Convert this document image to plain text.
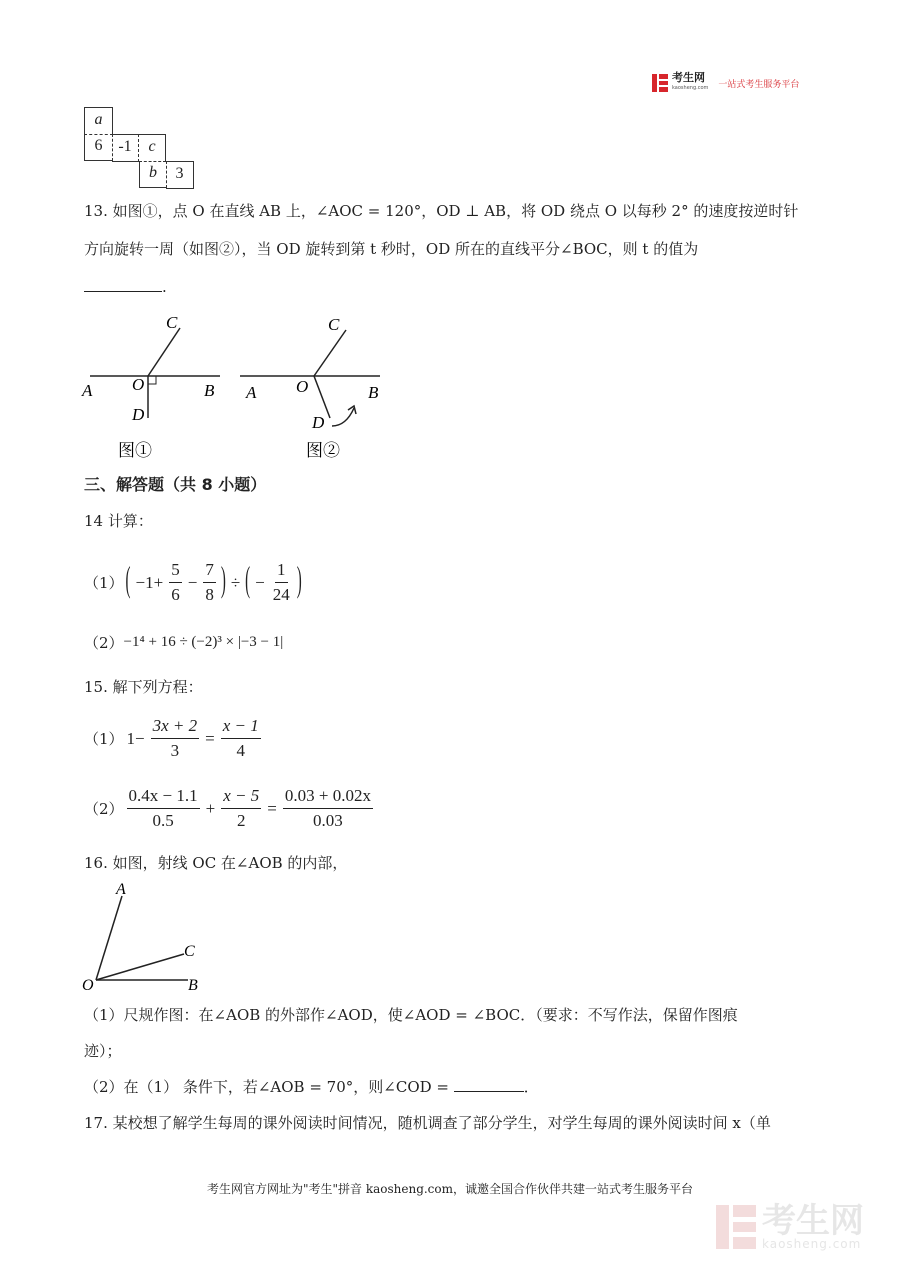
考生网
kaosheng.com 一站式考生服务平台
a
6 -1	c
b	3
13. 如图①，点 O 在直线 AB 上，∠AOC = 120°，OD ⊥ AB，将 OD 绕点 O 以每秒 2° 的速度按逆时针
方向旋转一周（如图②），当 OD 旋转到第 t 秒时，OD 所在的直线平分∠BOC，则 t 的值为
.
C
A O	B
D
图①
C
A O	B
D
图②
三、解答题（共 8 小题）
14 计算：
（1） ( $-1+ \frac{5}{6} - \frac{7}{8}$ ) ÷ ( − $\frac{1}{24}$ )
（2） −1⁴ + 16 ÷ (−2)³ × |−3 − 1|
15. 解下列方程：
（1） $1- \frac{3x + 2}{3} = \frac{x - 1}{4}$
$(2) \frac{0.4x - 1.1}{0.5} + \frac{x - 5}{2} = \frac{0.03 + 0.02x}{0.03}$
16. 如图，射线 OC 在∠AOB 的内部，
A
C
O	B
（1）尺规作图：在∠AOB 的外部作∠AOD，使∠AOD = ∠BOC．（要求：不写作法，保留作图痕
迹）；
（2）在（1） 条件下，若∠AOB = 70°，则∠COD =	．
17. 某校想了解学生每周的课外阅读时间情况，随机调查了部分学生，对学生每周的课外阅读时间 x（单
考生网官方网址为"考生"拼音 kaosheng.com，诚邀全国合作伙伴共建一站式考生服务平台
考生网
kaosheng.com
